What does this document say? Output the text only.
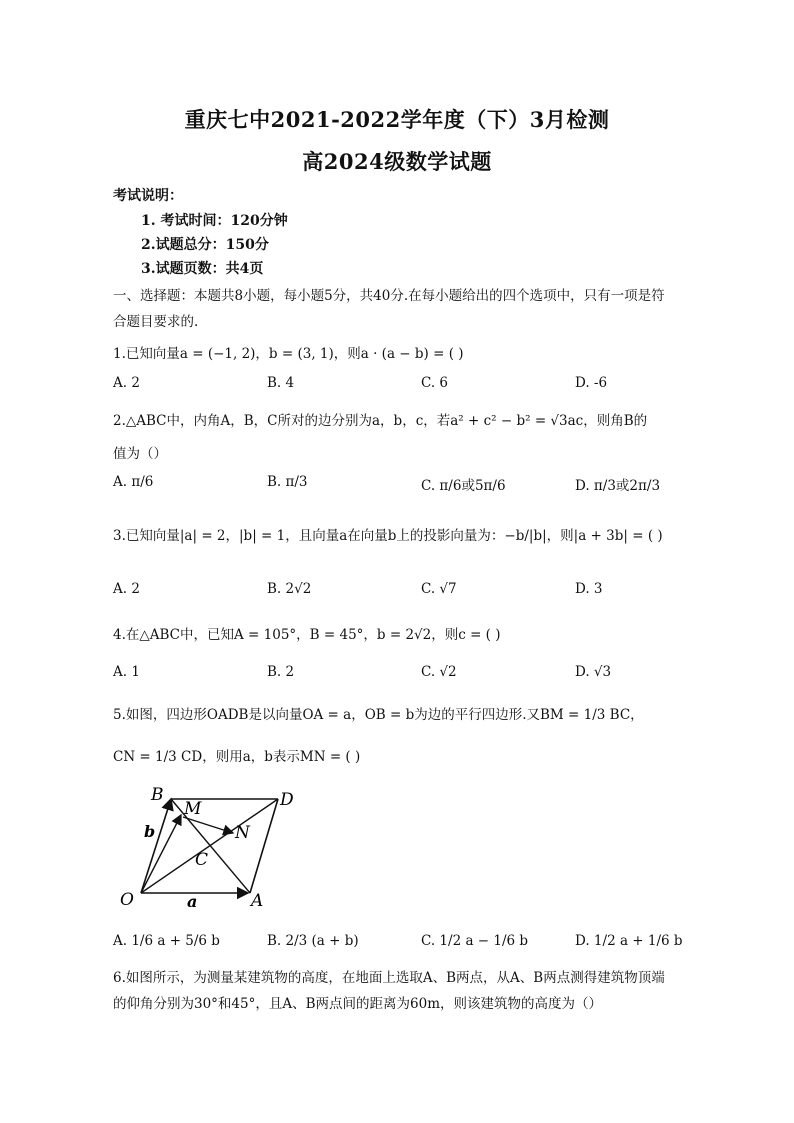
重庆七中2021-2022学年度（下）3月检测
高2024级数学试题
考试说明：
1. 考试时间：120分钟
2.试题总分：150分
3.试题页数：共4页
一、选择题：本题共8小题，每小题5分，共40分.在每小题给出的四个选项中，只有一项是符
合题目要求的.
1.已知向量a = (−1, 2)，b = (3, 1)，则a · (a − b) = ( )
A. 2	B. 4	C. 6	D. -6
2.△ABC中，内角A，B，C所对的边分别为a，b，c，若a² + c² − b² = √3ac，则角B的
值为（）
A. π/6	B. π/3	C. π/6或5π/6	D. π/3或2π/3
3.已知向量|a| = 2，|b| = 1，且向量a在向量b上的投影向量为：−b/|b|，则|a + 3b| = ( )
A. 2	B. 2√2	C. √7	D. 3
4.在△ABC中，已知A = 105°，B = 45°，b = 2√2，则c = ( )
A. 1	B. 2	C. √2	D. √3
5.如图，四边形OADB是以向量OA = a，OB = b为边的平行四边形.又BM = 1/3 BC，
CN = 1/3 CD，则用a，b表示MN = ( )
B
M	D
b	N
C
O	a	A
A. 1/6 a + 5/6 b	B. 2/3 (a + b)	C. 1/2 a − 1/6 b	D. 1/2 a + 1/6 b
6.如图所示，为测量某建筑物的高度，在地面上选取A、B两点，从A、B两点测得建筑物顶端
的仰角分别为30°和45°，且A、B两点间的距离为60m，则该建筑物的高度为（）
